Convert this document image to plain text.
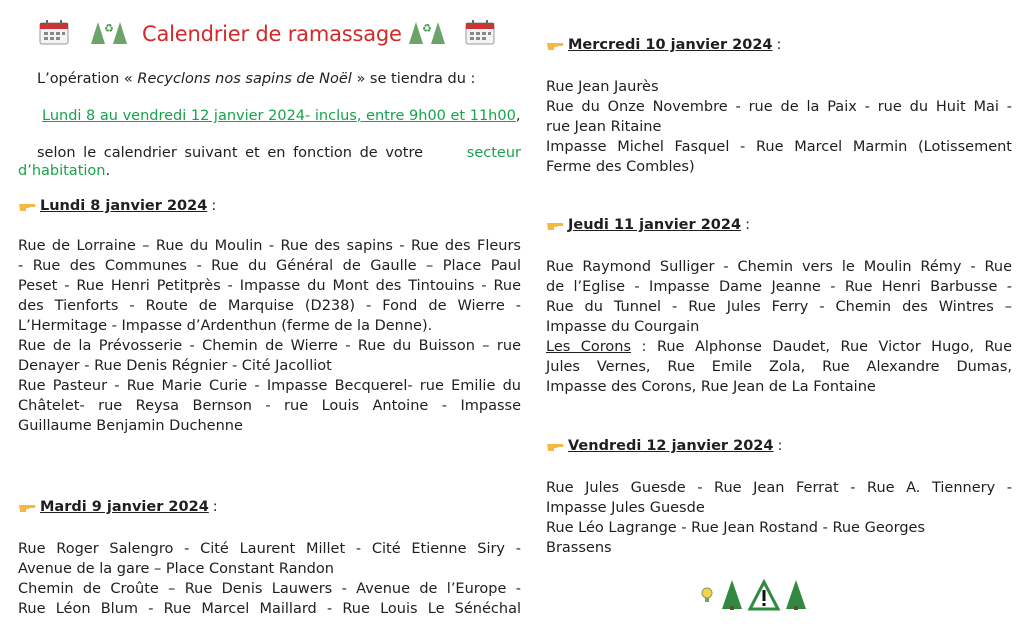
♻ Calendrier de ramassage ♻
L’opération « Recyclons nos sapins de Noël » se tiendra du :
Lundi 8 au vendredi 12 janvier 2024- inclus, entre 9h00 et 11h00,
selon le calendrier suivant et en fonction de votre	secteur
d’habitation.
Lundi 8 janvier 2024 :
Rue de Lorraine – Rue du Moulin - Rue des sapins - Rue des Fleurs
- Rue des Communes - Rue du Général de Gaulle – Place Paul
Peset - Rue Henri Petitprès - Impasse du Mont des Tintouins - Rue
des Tienforts - Route de Marquise (D238) - Fond de Wierre -
L’Hermitage - Impasse d’Ardenthun (ferme de la Denne).
Rue de la Prévosserie - Chemin de Wierre - Rue du Buisson – rue
Denayer - Rue Denis Régnier - Cité Jacolliot
Rue Pasteur - Rue Marie Curie - Impasse Becquerel- rue Emilie du
Châtelet- rue Reysa Bernson - rue Louis Antoine - Impasse
Guillaume Benjamin Duchenne
Mardi 9 janvier 2024 :
Rue Roger Salengro - Cité Laurent Millet - Cité Etienne Siry -
Avenue de la gare – Place Constant Randon
Chemin de Croûte – Rue Denis Lauwers - Avenue de l’Europe -
Rue Léon Blum - Rue Marcel Maillard - Rue Louis Le Sénéchal
Mercredi 10 janvier 2024 :
Rue Jean Jaurès
Rue du Onze Novembre - rue de la Paix - rue du Huit Mai -
rue Jean Ritaine
Impasse Michel Fasquel - Rue Marcel Marmin (Lotissement
Ferme des Combles)
Jeudi 11 janvier 2024 :
Rue Raymond Sulliger - Chemin vers le Moulin Rémy - Rue
de l’Eglise - Impasse Dame Jeanne - Rue Henri Barbusse -
Rue du Tunnel - Rue Jules Ferry - Chemin des Wintres –
Impasse du Courgain
Les Corons : Rue Alphonse Daudet, Rue Victor Hugo, Rue
Jules Vernes, Rue Emile Zola, Rue Alexandre Dumas,
Impasse des Corons, Rue Jean de La Fontaine
Vendredi 12 janvier 2024 :
Rue Jules Guesde - Rue Jean Ferrat - Rue A. Tiennery -
Impasse Jules Guesde
Rue Léo Lagrange - Rue Jean Rostand - Rue Georges
Brassens
